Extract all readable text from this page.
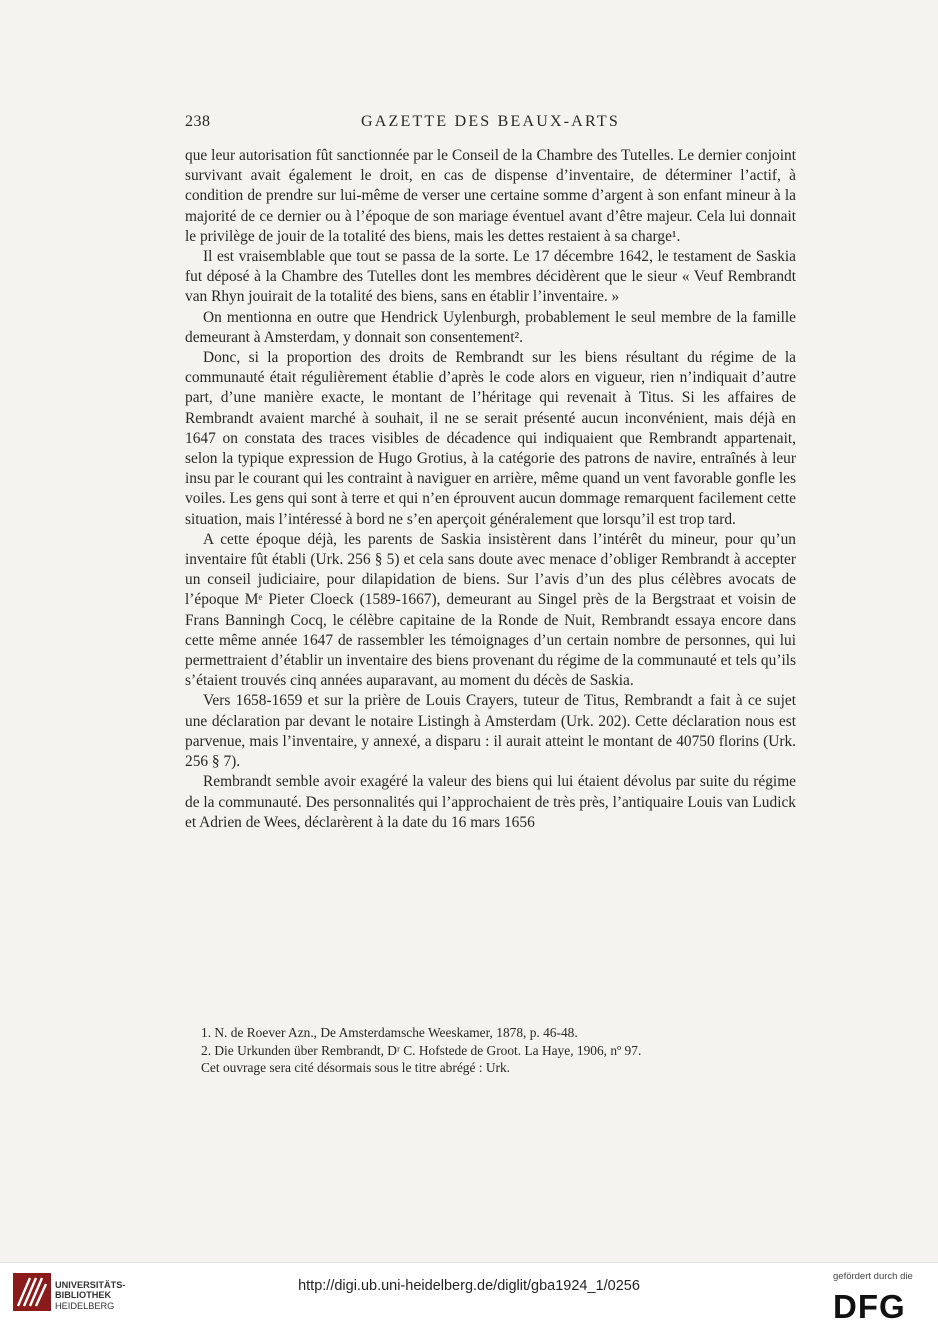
238	GAZETTE DES BEAUX-ARTS

que leur autorisation fût sanctionnée par le Conseil de la Chambre des Tutelles. Le dernier conjoint survivant avait également le droit, en cas de dispense d’inventaire, de déterminer l’actif, à condition de prendre sur lui-même de verser une certaine somme d’argent à son enfant mineur à la majorité de ce dernier ou à l’époque de son mariage éventuel avant d’être majeur. Cela lui donnait le privilège de jouir de la totalité des biens, mais les dettes restaient à sa charge¹.

Il est vraisemblable que tout se passa de la sorte. Le 17 décembre 1642, le testament de Saskia fut déposé à la Chambre des Tutelles dont les membres décidèrent que le sieur « Veuf Rembrandt van Rhyn jouirait de la totalité des biens, sans en établir l’inventaire. »

On mentionna en outre que Hendrick Uylenburgh, probablement le seul membre de la famille demeurant à Amsterdam, y donnait son consentement².

Donc, si la proportion des droits de Rembrandt sur les biens résultant du régime de la communauté était régulièrement établie d’après le code alors en vigueur, rien n’indiquait d’autre part, d’une manière exacte, le montant de l’héritage qui revenait à Titus. Si les affaires de Rembrandt avaient marché à souhait, il ne se serait présenté aucun inconvénient, mais déjà en 1647 on constata des traces visibles de décadence qui indiquaient que Rembrandt appartenait, selon la typique expression de Hugo Grotius, à la catégorie des patrons de navire, entraînés à leur insu par le courant qui les contraint à naviguer en arrière, même quand un vent favorable gonfle les voiles. Les gens qui sont à terre et qui n’en éprouvent aucun dommage remarquent facilement cette situation, mais l’intéressé à bord ne s’en aperçoit généralement que lorsqu’il est trop tard.

A cette époque déjà, les parents de Saskia insistèrent dans l’intérêt du mineur, pour qu’un inventaire fût établi (Urk. 256 § 5) et cela sans doute avec menace d’obliger Rembrandt à accepter un conseil judiciaire, pour dilapidation de biens. Sur l’avis d’un des plus célèbres avocats de l’époque Mᵉ Pieter Cloeck (1589-1667), demeurant au Singel près de la Bergstraat et voisin de Frans Banningh Cocq, le célèbre capitaine de la Ronde de Nuit, Rembrandt essaya encore dans cette même année 1647 de rassembler les témoignages d’un certain nombre de personnes, qui lui permettraient d’établir un inventaire des biens provenant du régime de la communauté et tels qu’ils s’étaient trouvés cinq années auparavant, au moment du décès de Saskia.

Vers 1658-1659 et sur la prière de Louis Crayers, tuteur de Titus, Rembrandt a fait à ce sujet une déclaration par devant le notaire Listingh à Amsterdam (Urk. 202). Cette déclaration nous est parvenue, mais l’inventaire, y annexé, a disparu : il aurait atteint le montant de 40750 florins (Urk. 256 § 7).

Rembrandt semble avoir exagéré la valeur des biens qui lui étaient dévolus par suite du régime de la communauté. Des personnalités qui l’approchaient de très près, l’antiquaire Louis van Ludick et Adrien de Wees, déclarèrent à la date du 16 mars 1656

1. N. de Roever Azn., De Amsterdamsche Weeskamer, 1878, p. 46-48.

2. Die Urkunden über Rembrandt, Dʳ C. Hofstede de Groot. La Haye, 1906, nº 97.

Cet ouvrage sera cité désormais sous le titre abrégé : Urk.

UNIVERSITÄTS-
BIBLIOTHEK
HEIDELBERG
http://digi.ub.uni-heidelberg.de/diglit/gba1924_1/0256
gefördert durch die
DFG
